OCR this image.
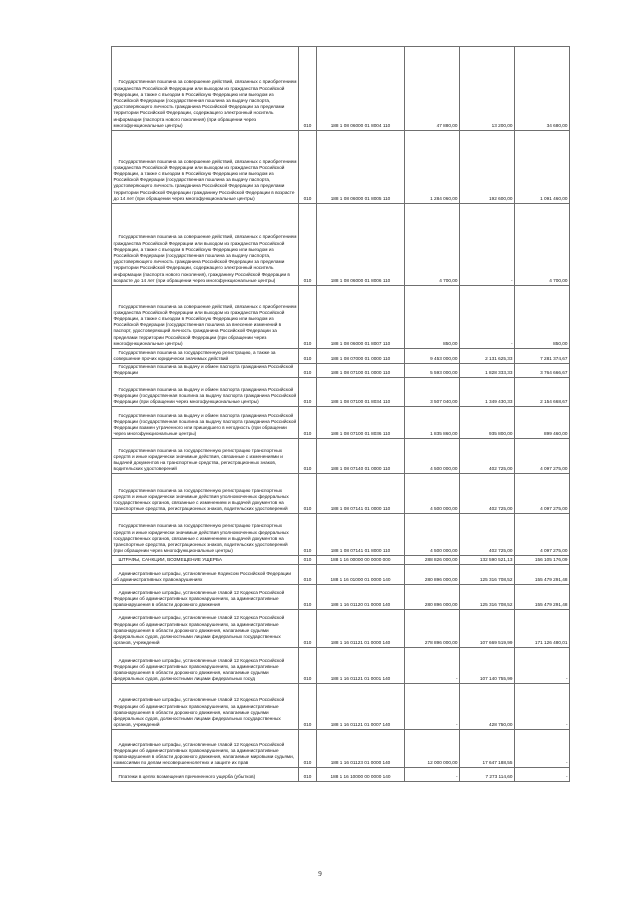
Государственная пошлина за совершение действий, связанных с приобретением гражданства Российской Федерации или выходом из гражданства Российской Федерации, а также с въездом в Российскую Федерацию или выездом из Российской Федерации (государственная пошлина за выдачу паспорта, удостоверяющего личность гражданина Российской Федерации за пределами территории Российской Федерации, содержащего электронный носитель информации (паспорта нового поколения) (при обращении через многофункциональные центры)	010	188 1 08 06000 01 8004 110	47 880,00	13 200,00	34 680,00

Государственная пошлина за совершение действий, связанных с приобретением гражданства Российской Федерации или выходом из гражданства Российской Федерации, а также с въездом в Российскую Федерацию или выездом из Российской Федерации (государственная пошлина за выдачу паспорта, удостоверяющего личность гражданина Российской Федерации за пределами территории Российской Федерации гражданину Российской Федерации в возрасте до 14 лет (при обращении через многофункциональные центры)	010	188 1 08 06000 01 8005 110	1 284 060,00	192 600,00	1 091 460,00

Государственная пошлина за совершение действий, связанных с приобретением гражданства Российской Федерации или выходом из гражданства Российской Федерации, а также с въездом в Российскую Федерацию или выездом из Российской Федерации (государственная пошлина за выдачу паспорта, удостоверяющего личность гражданина Российской Федерации за пределами территории Российской Федерации, содержащего электронный носитель информации (паспорта нового поколения), гражданину Российской Федерации в возрасте до 14 лет (при обращении через многофункциональные центры)	010	188 1 08 06000 01 8006 110	4 700,00	-	4 700,00

Государственная пошлина за совершение действий, связанных с приобретением гражданства Российской Федерации или выходом из гражданства Российской Федерации, а также с въездом в Российскую Федерацию или выездом из Российской Федерации (государственная пошлина за внесение изменений в паспорт, удостоверяющий личность гражданина Российской Федерации за пределами территории Российской Федерации (при обращении через многофункциональные центры)	010	188 1 08 06000 01 8007 110	850,00	-	850,00

Государственная пошлина за государственную регистрацию, а также за совершение прочих юридически значимых действий	010	188 1 08 07000 01 0000 110	9 453 000,00	2 131 625,33	7 281 374,67

Государственная пошлина за выдачу и обмен паспорта гражданина Российской Федерации	010	188 1 08 07100 01 0000 110	5 593 000,00	1 828 333,33	3 764 666,67

Государственная пошлина за выдачу и обмен паспорта гражданина Российской Федерации (государственная пошлина за выдачу паспорта гражданина Российской Федерации (при обращении через многофункциональные центры)	010	188 1 08 07100 01 8034 110	3 507 040,00	1 349 430,33	2 154 668,67

Государственная пошлина за выдачу и обмен паспорта гражданина Российской Федерации (государственная пошлина за выдачу паспорта гражданина Российской Федерации взамен утраченного или пришедшего в негодность (при обращении через многофункциональные центры)	010	188 1 08 07100 01 8036 110	1 835 860,00	935 800,00	899 460,00

Государственная пошлина за государственную регистрацию транспортных средств и иные юридически значимые действия, связанные с изменениями и выдачей документов на транспортные средства, регистрационных знаков, водительских удостоверений	010	188 1 08 07140 01 0000 110	4 500 000,00	402 725,00	4 097 275,00

Государственная пошлина за государственную регистрацию транспортных средств и иные юридически значимые действия уполномоченных федеральных государственных органов, связанные с изменением и выдачей документов на транспортные средства, регистрационных знаков, водительских удостоверений	010	188 1 08 07141 01 0000 110	4 500 000,00	402 725,00	4 097 275,00

Государственная пошлина за государственную регистрацию транспортных средств и иные юридически значимые действия уполномоченных федеральных государственных органов, связанные с изменением и выдачей документов на транспортные средства, регистрационных знаков, водительских удостоверений (при обращении через многофункциональные центры)	010	188 1 08 07141 01 8000 110	4 500 000,00	402 725,00	4 097 275,00

ШТРАФЫ, САНКЦИИ, ВОЗМЕЩЕНИЕ УЩЕРБА	010	188 1 16 00000 00 0000 000	288 826 000,00	132 590 521,13	156 105 176,09

Административные штрафы, установленные Кодексом Российской Федерации об административных правонарушениях	010	188 1 16 01000 01 0000 140	280 896 000,00	125 316 708,52	155 479 291,48

Административные штрафы, установленные главой 12 Кодекса Российской Федерации об административных правонарушениях, за административные правонарушения в области дорожного движения	010	188 1 16 01120 01 0000 140	280 896 000,00	125 316 708,52	155 479 291,48

Административные штрафы, установленные главой 12 Кодекса Российской Федерации об административных правонарушениях, за административные правонарушения в области дорожного движения, налагаемые судьями федеральных судов, должностными лицами федеральных государственных органов, учреждений	010	188 1 16 01121 01 0000 140	278 896 000,00	107 669 519,99	171 126 480,01

Административные штрафы, установленные главой 12 Кодекса Российской Федерации об административных правонарушениях, за административные правонарушения в области дорожного движения, налагаемые судьями федеральных судов, должностными лицами федеральных госуд	010	188 1 16 01121 01 0001 140	-	107 140 755,99	-

Административные штрафы, установленные главой 12 Кодекса Российской Федерации об административных правонарушениях, за административные правонарушения в области дорожного движения, налагаемые судьями федеральных судов, должностными лицами федеральных государственных органов, учреждений	010	188 1 16 01121 01 0007 140	-	428 750,00	-

Административные штрафы, установленные главой 12 Кодекса Российской Федерации об административных правонарушениях, за административные правонарушения в области дорожного движения, налагаемые мировыми судьями, комиссиями по делам несовершеннолетних и защите их прав	010	188 1 16 01123 01 0000 140	12 000 000,00	17 647 188,55	-

Платежи в целях возмещения причиненного ущерба (убытков)	010	188 1 16 10000 00 0000 140	-	7 273 114,60	-
9
